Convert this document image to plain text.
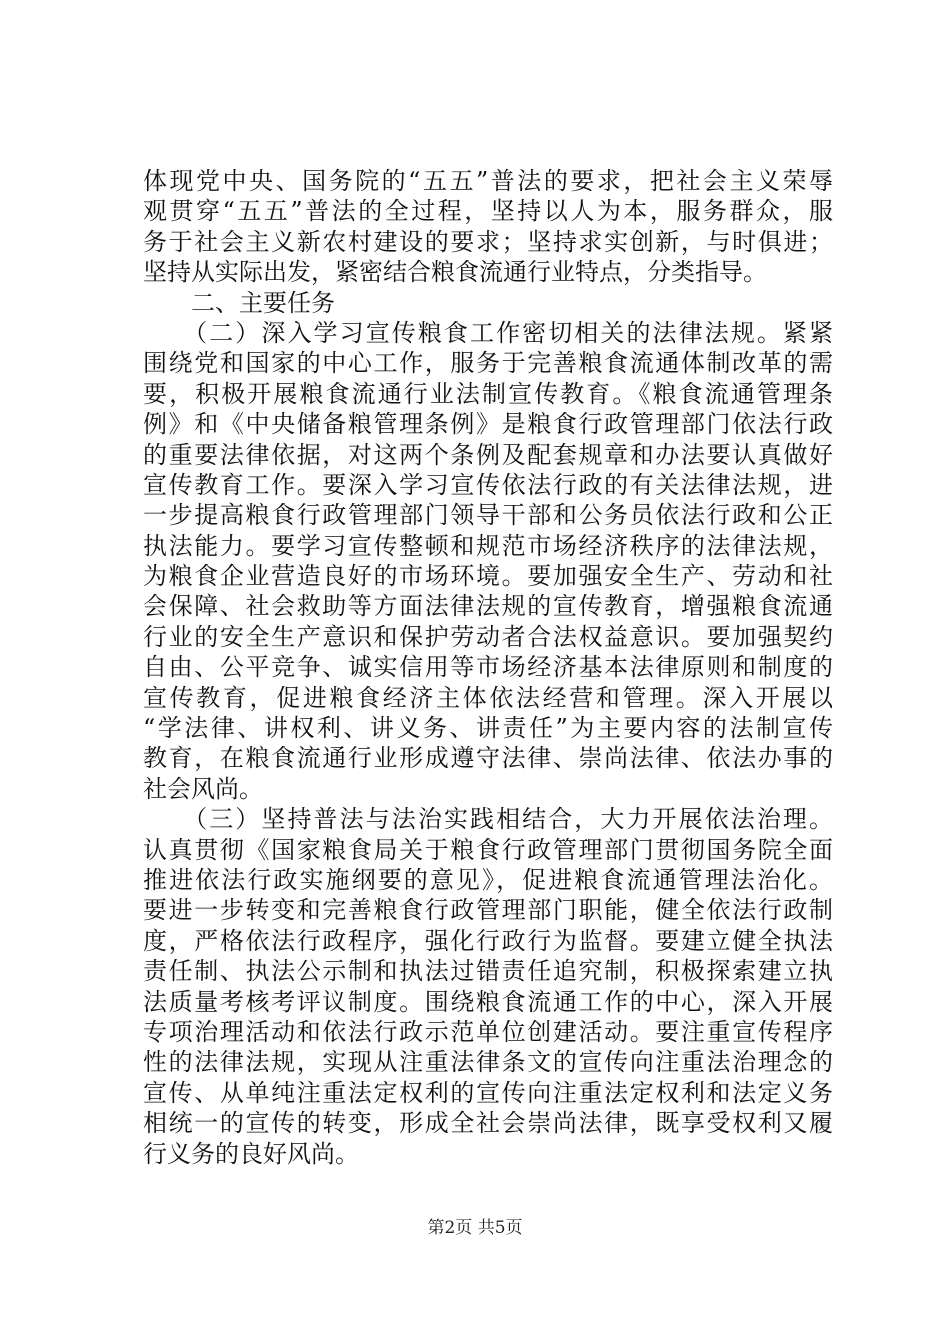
体现党中央、国务院的“五五”普法的要求，把社会主义荣辱
观贯穿“五五”普法的全过程，坚持以人为本，服务群众，服
务于社会主义新农村建设的要求；坚持求实创新，与时俱进；
坚持从实际出发，紧密结合粮食流通行业特点，分类指导。
　　二、主要任务
　　（二）深入学习宣传粮食工作密切相关的法律法规。紧紧
围绕党和国家的中心工作，服务于完善粮食流通体制改革的需
要，积极开展粮食流通行业法制宣传教育。《粮食流通管理条
例》和《中央储备粮管理条例》是粮食行政管理部门依法行政
的重要法律依据，对这两个条例及配套规章和办法要认真做好
宣传教育工作。要深入学习宣传依法行政的有关法律法规，进
一步提高粮食行政管理部门领导干部和公务员依法行政和公正
执法能力。要学习宣传整顿和规范市场经济秩序的法律法规，
为粮食企业营造良好的市场环境。要加强安全生产、劳动和社
会保障、社会救助等方面法律法规的宣传教育，增强粮食流通
行业的安全生产意识和保护劳动者合法权益意识。要加强契约
自由、公平竞争、诚实信用等市场经济基本法律原则和制度的
宣传教育，促进粮食经济主体依法经营和管理。深入开展以
“学法律、讲权利、讲义务、讲责任”为主要内容的法制宣传
教育，在粮食流通行业形成遵守法律、崇尚法律、依法办事的
社会风尚。
　　（三）坚持普法与法治实践相结合，大力开展依法治理。
认真贯彻《国家粮食局关于粮食行政管理部门贯彻国务院全面
推进依法行政实施纲要的意见》，促进粮食流通管理法治化。
要进一步转变和完善粮食行政管理部门职能，健全依法行政制
度，严格依法行政程序，强化行政行为监督。要建立健全执法
责任制、执法公示制和执法过错责任追究制，积极探索建立执
法质量考核考评议制度。围绕粮食流通工作的中心，深入开展
专项治理活动和依法行政示范单位创建活动。要注重宣传程序
性的法律法规，实现从注重法律条文的宣传向注重法治理念的
宣传、从单纯注重法定权利的宣传向注重法定权利和法定义务
相统一的宣传的转变，形成全社会崇尚法律，既享受权利又履
行义务的良好风尚。
第2页 共5页
